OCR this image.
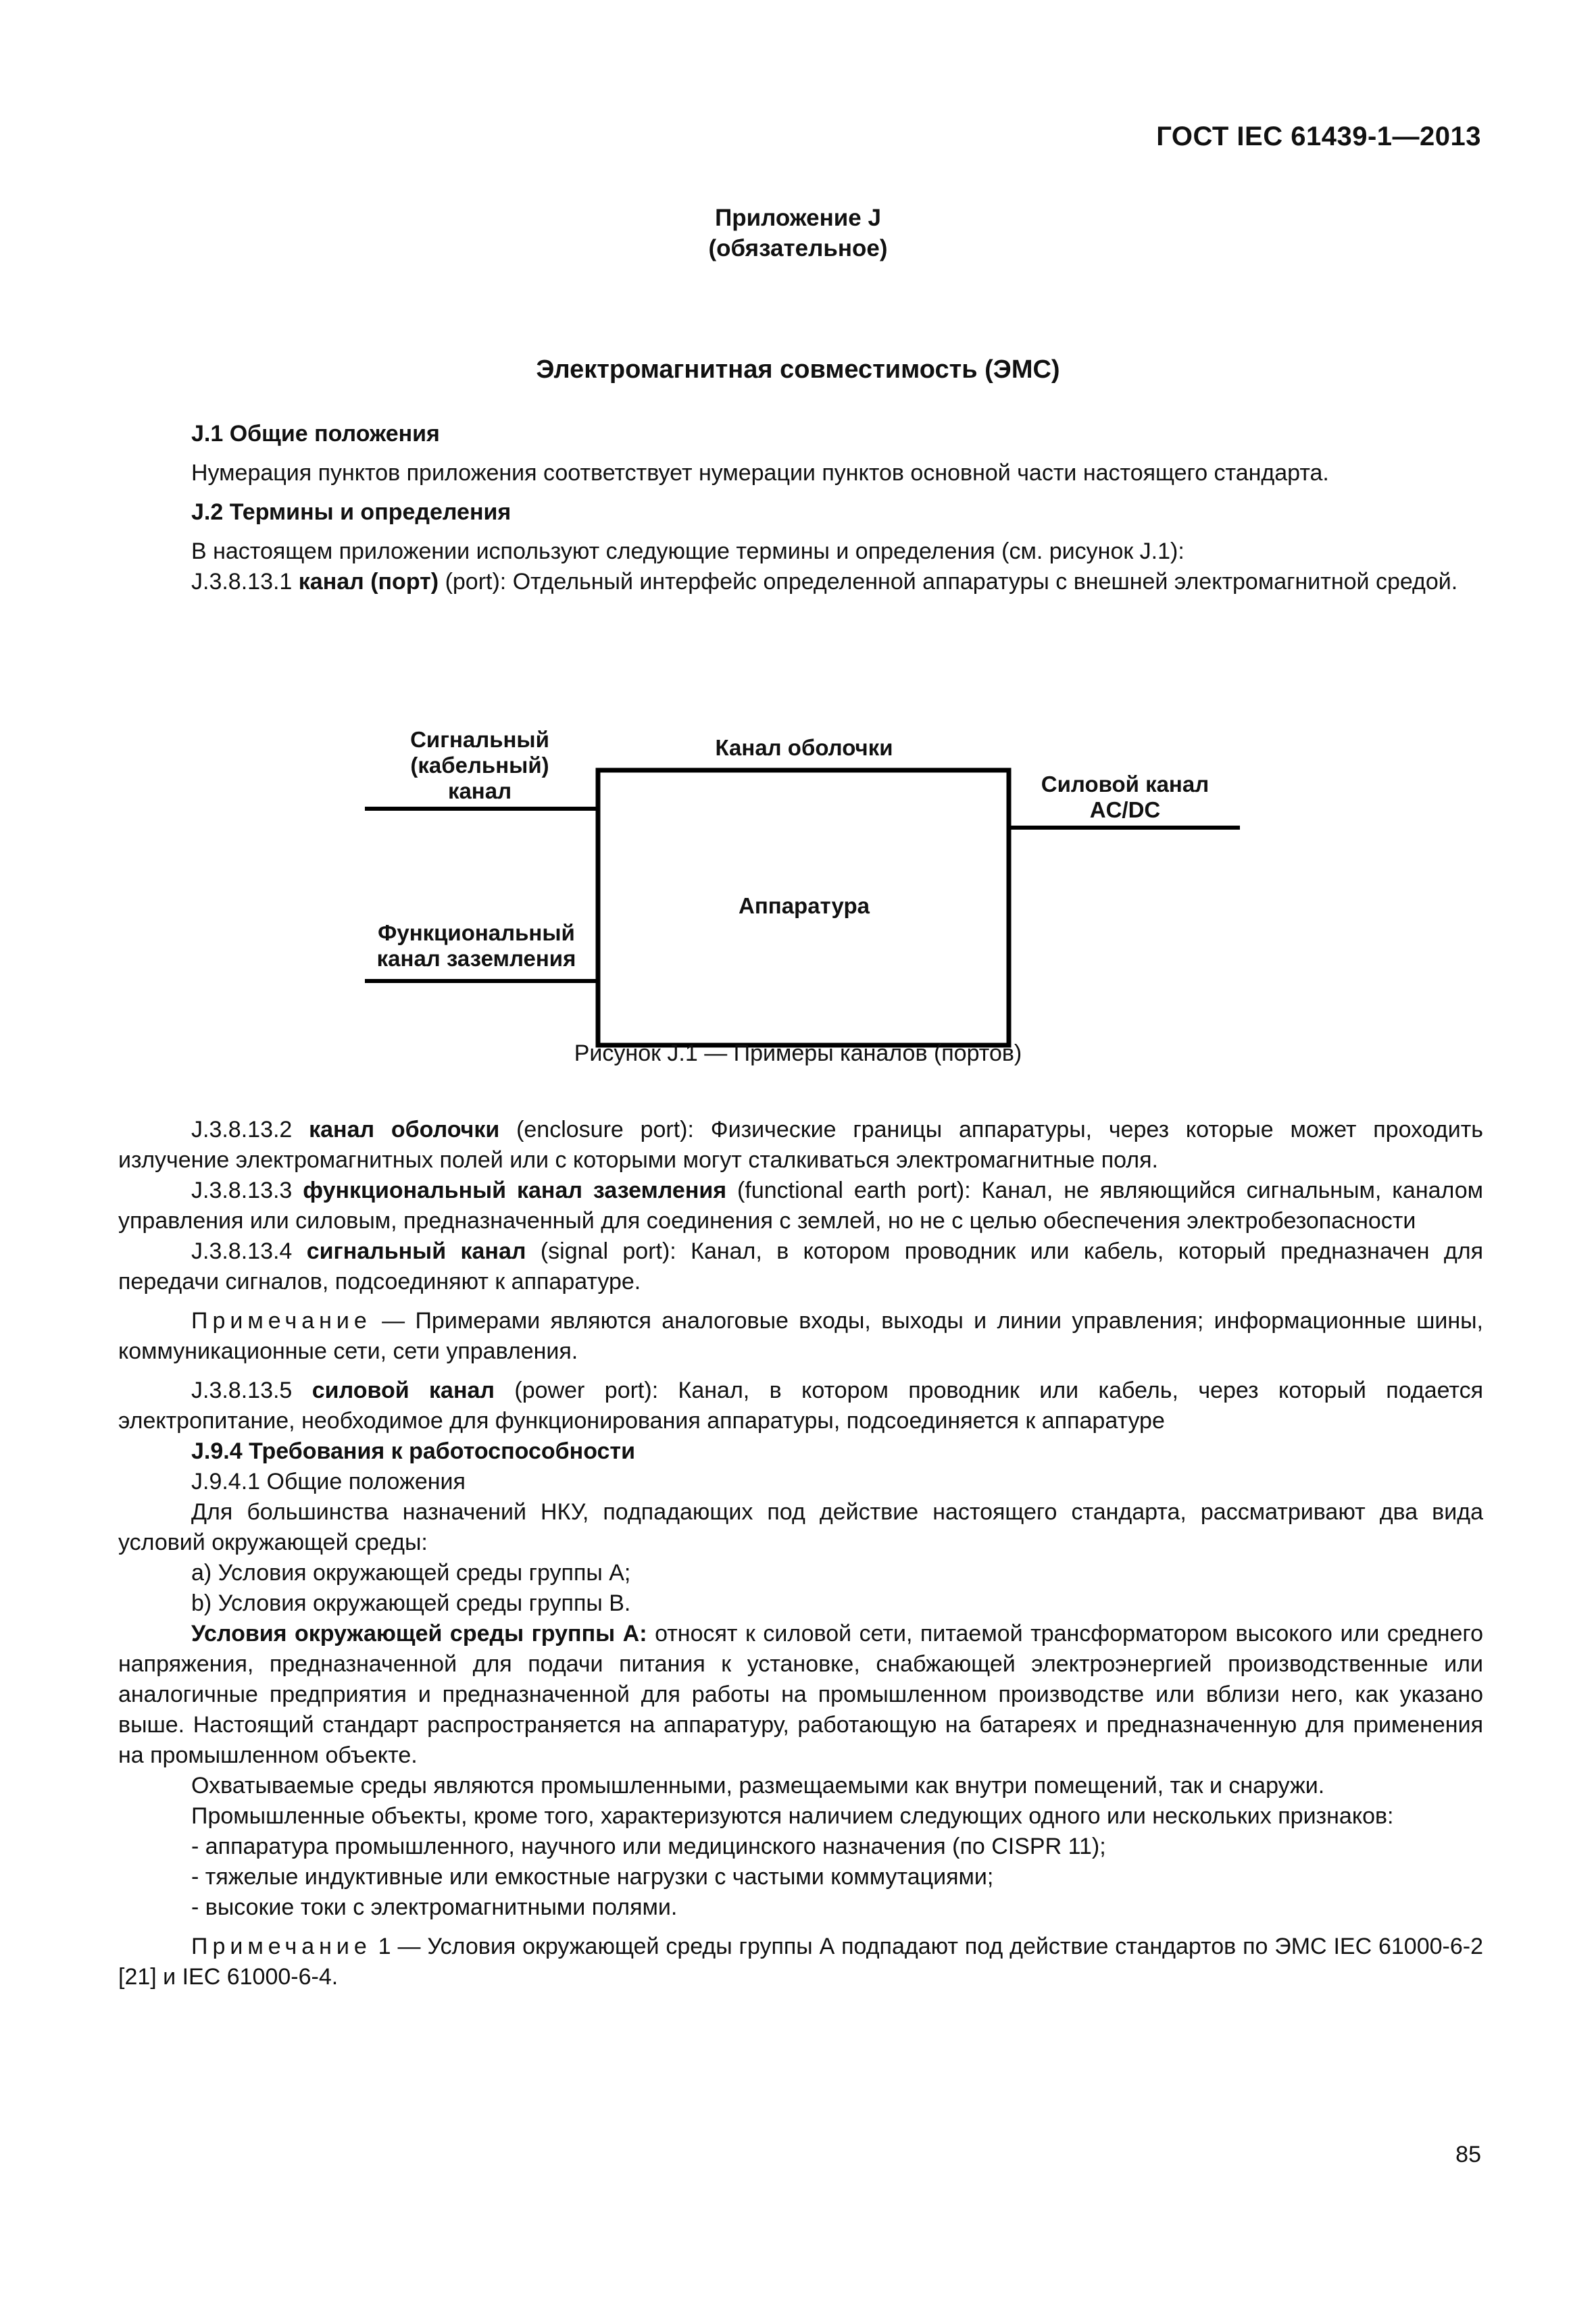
ГОСТ IEC 61439-1—2013
Приложение J
(обязательное)
Электромагнитная совместимость (ЭМС)

J.1 Общие положения

Нумерация пунктов приложения соответствует нумерации пунктов основной части настоящего стандарта.

J.2 Термины и определения

В настоящем приложении используют следующие термины и определения (см. рисунок J.1):

J.3.8.13.1 канал (порт) (port): Отдельный интерфейс определенной аппаратуры с внешней электромагнитной средой.

Сигнальный
(кабельный)
канал
Канал оболочки
Силовой канал
AC/DC
Аппаратура
Функциональный
канал заземления
Рисунок J.1 — Примеры каналов (портов)

J.3.8.13.2 канал оболочки (enclosure port): Физические границы аппаратуры, через которые может проходить излучение электромагнитных полей или с которыми могут сталкиваться электромагнитные поля.

J.3.8.13.3 функциональный канал заземления (functional earth port): Канал, не являющийся сигнальным, каналом управления или силовым, предназначенный для соединения с землей, но не с целью обеспечения электробезопасности

J.3.8.13.4 сигнальный канал (signal port): Канал, в котором проводник или кабель, который предназначен для передачи сигналов, подсоединяют к аппаратуре.

Примечание — Примерами являются аналоговые входы, выходы и линии управления; информационные шины, коммуникационные сети, сети управления.

J.3.8.13.5 силовой канал (power port): Канал, в котором проводник или кабель, через который подается электропитание, необходимое для функционирования аппаратуры, подсоединяется к аппаратуре

J.9.4 Требования к работоспособности

J.9.4.1 Общие положения

Для большинства назначений НКУ, подпадающих под действие настоящего стандарта, рассматривают два вида условий окружающей среды:

a) Условия окружающей среды группы А;

b) Условия окружающей среды группы В.

Условия окружающей среды группы А: относят к силовой сети, питаемой трансформатором высокого или среднего напряжения, предназначенной для подачи питания к установке, снабжающей электроэнергией производственные или аналогичные предприятия и предназначенной для работы на промышленном производстве или вблизи него, как указано выше. Настоящий стандарт распространяется на аппаратуру, работающую на батареях и предназначенную для применения на промышленном объекте.

Охватываемые среды являются промышленными, размещаемыми как внутри помещений, так и снаружи.

Промышленные объекты, кроме того, характеризуются наличием следующих одного или нескольких признаков:

- аппаратура промышленного, научного или медицинского назначения (по CISPR 11);

- тяжелые индуктивные или емкостные нагрузки с частыми коммутациями;

- высокие токи с электромагнитными полями.

Примечание 1 — Условия окружающей среды группы А подпадают под действие стандартов по ЭМС IEC 61000-6-2 [21] и IEC 61000-6-4.

85
